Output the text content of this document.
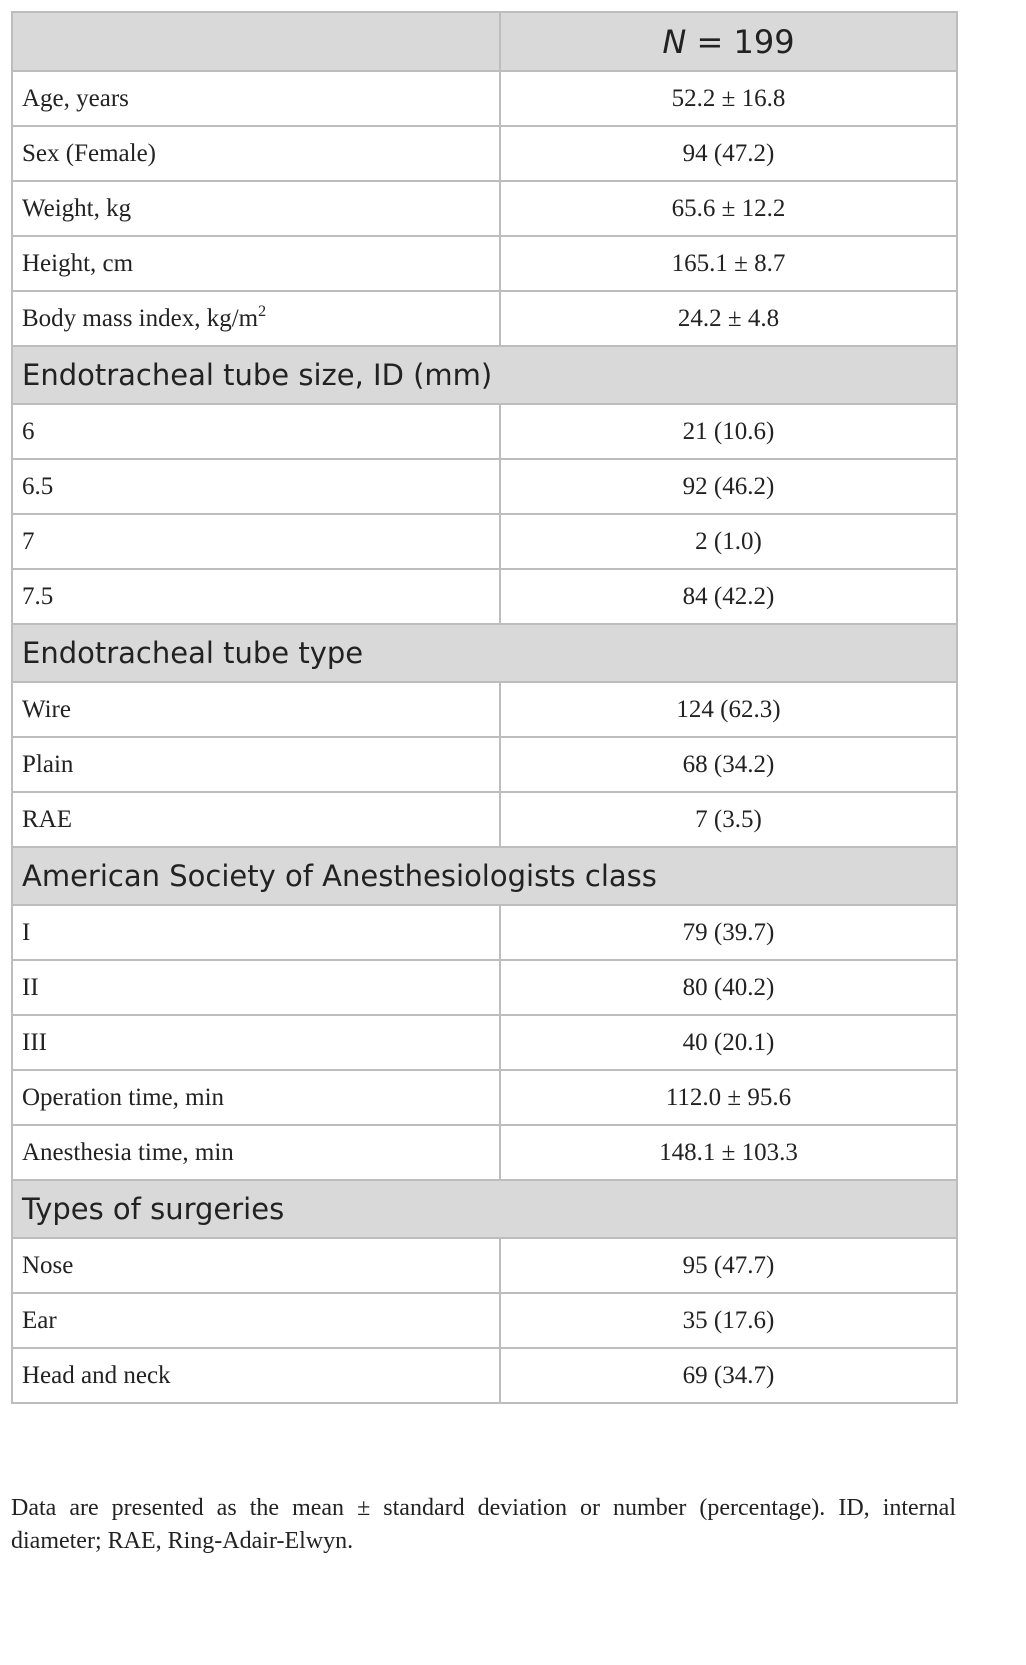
	N = 199
Age, years	52.2 ± 16.8
Sex (Female)	94 (47.2)
Weight, kg	65.6 ± 12.2
Height, cm	165.1 ± 8.7
Body mass index, $kg/m^2$	24.2 ± 4.8
Endotracheal tube size, ID (mm)	
6	21 (10.6)
6.5	92 (46.2)
7	2 (1.0)
7.5	84 (42.2)
Endotracheal tube type	
Wire	124 (62.3)
Plain	68 (34.2)
RAE	7 (3.5)
American Society of Anesthesiologists class	
I	79 (39.7)
II	80 (40.2)
III	40 (20.1)
Operation time, min	112.0 ± 95.6
Anesthesia time, min	148.1 ± 103.3
Types of surgeries	
Nose	95 (47.7)
Ear	35 (17.6)
Head and neck	69 (34.7)

Data are presented as the mean ± standard deviation or number (percentage). ID, internal diameter; RAE, Ring-Adair-Elwyn.
